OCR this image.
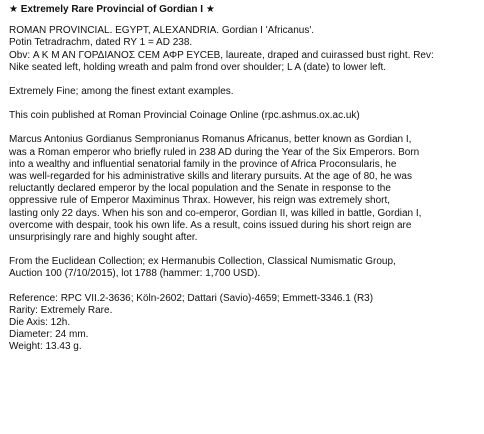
★ Extremely Rare Provincial of Gordian I ★
ROMAN PROVINCIAL. EGYPT, ALEXANDRIA. Gordian I 'Africanus'.
Potin Tetradrachm, dated RY 1 = AD 238.
Obv: Α Κ Μ ΑΝ ΓΟΡΔΙΑΝΟΣ CEM ΑΦΡ ΕΥCΕΒ, laureate, draped and cuirassed bust right. Rev:
Nike seated left, holding wreath and palm frond over shoulder; L A (date) to lower left.
Extremely Fine; among the finest extant examples.
This coin published at Roman Provincial Coinage Online (rpc.ashmus.ox.ac.uk)
Marcus Antonius Gordianus Sempronianus Romanus Africanus, better known as Gordian I,
was a Roman emperor who briefly ruled in 238 AD during the Year of the Six Emperors. Born
into a wealthy and influential senatorial family in the province of Africa Proconsularis, he
was well-regarded for his administrative skills and literary pursuits. At the age of 80, he was
reluctantly declared emperor by the local population and the Senate in response to the
oppressive rule of Emperor Maximinus Thrax. However, his reign was extremely short,
lasting only 22 days. When his son and co-emperor, Gordian II, was killed in battle, Gordian I,
overcome with despair, took his own life. As a result, coins issued during his short reign are
unsurprisingly rare and highly sought after.
From the Euclidean Collection; ex Hermanubis Collection, Classical Numismatic Group,
Auction 100 (7/10/2015), lot 1788 (hammer: 1,700 USD).
Reference: RPC VII.2-3636; Köln-2602; Dattari (Savio)-4659; Emmett-3346.1 (R3)
Rarity: Extremely Rare.
Die Axis: 12h.
Diameter: 24 mm.
Weight: 13.43 g.
